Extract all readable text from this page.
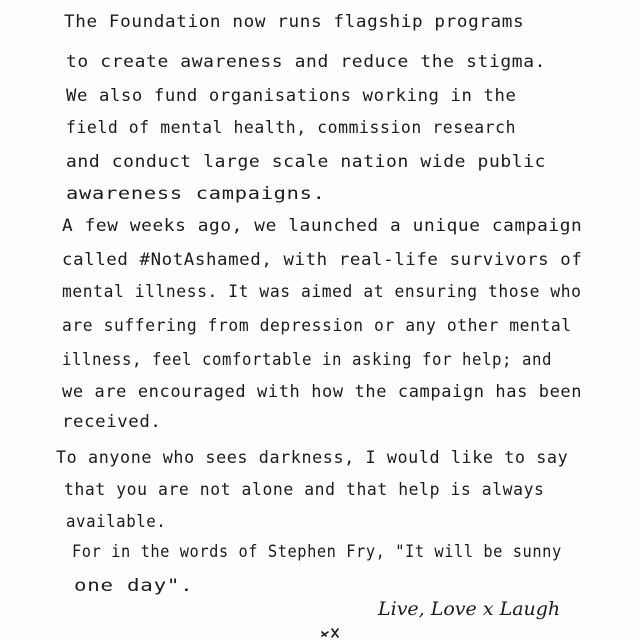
The Foundation now runs flagship programs
to create awareness and reduce the stigma.
We also fund organisations working in the
field of mental health, commission research
and conduct large scale nation wide public
awareness campaigns.
A few weeks ago, we launched a unique campaign
called #NotAshamed, with real-life survivors of
mental illness. It was aimed at ensuring those who
are suffering from depression or any other mental
illness, feel comfortable in asking for help; and
we are encouraged with how the campaign has been
received.
To anyone who sees darkness, I would like to say
that you are not alone and that help is always
available.
For in the words of Stephen Fry, "It will be sunny
one day".
Live, Love x Laugh
